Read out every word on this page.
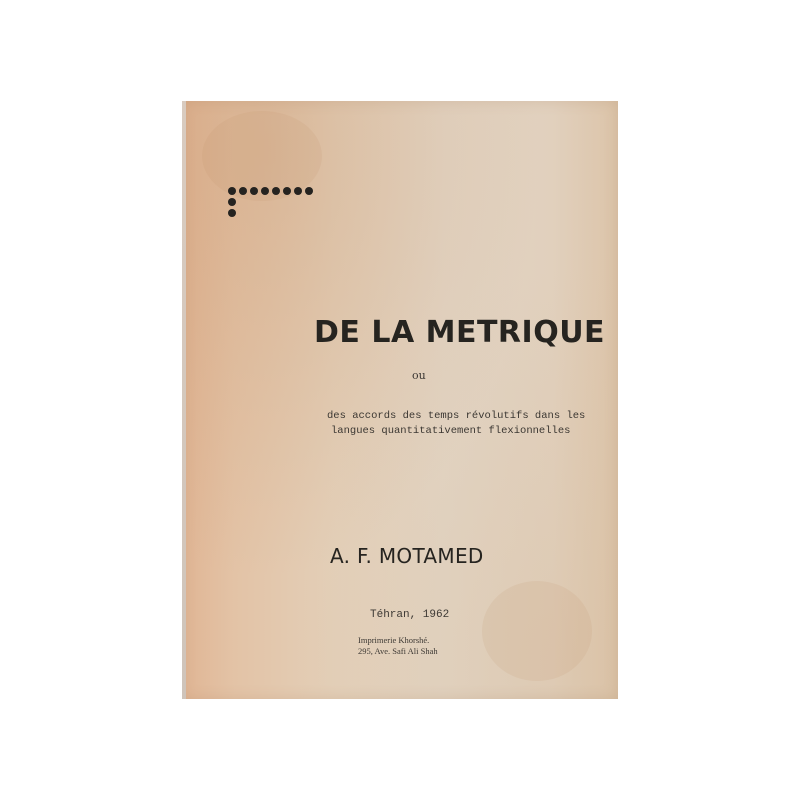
DE LA METRIQUE
ou
des accords des temps révolutifs dans les
langues quantitativement flexionnelles
A. F. MOTAMED
Téhran, 1962
Imprimerie Khorshé.
295, Ave. Safi Ali Shah
